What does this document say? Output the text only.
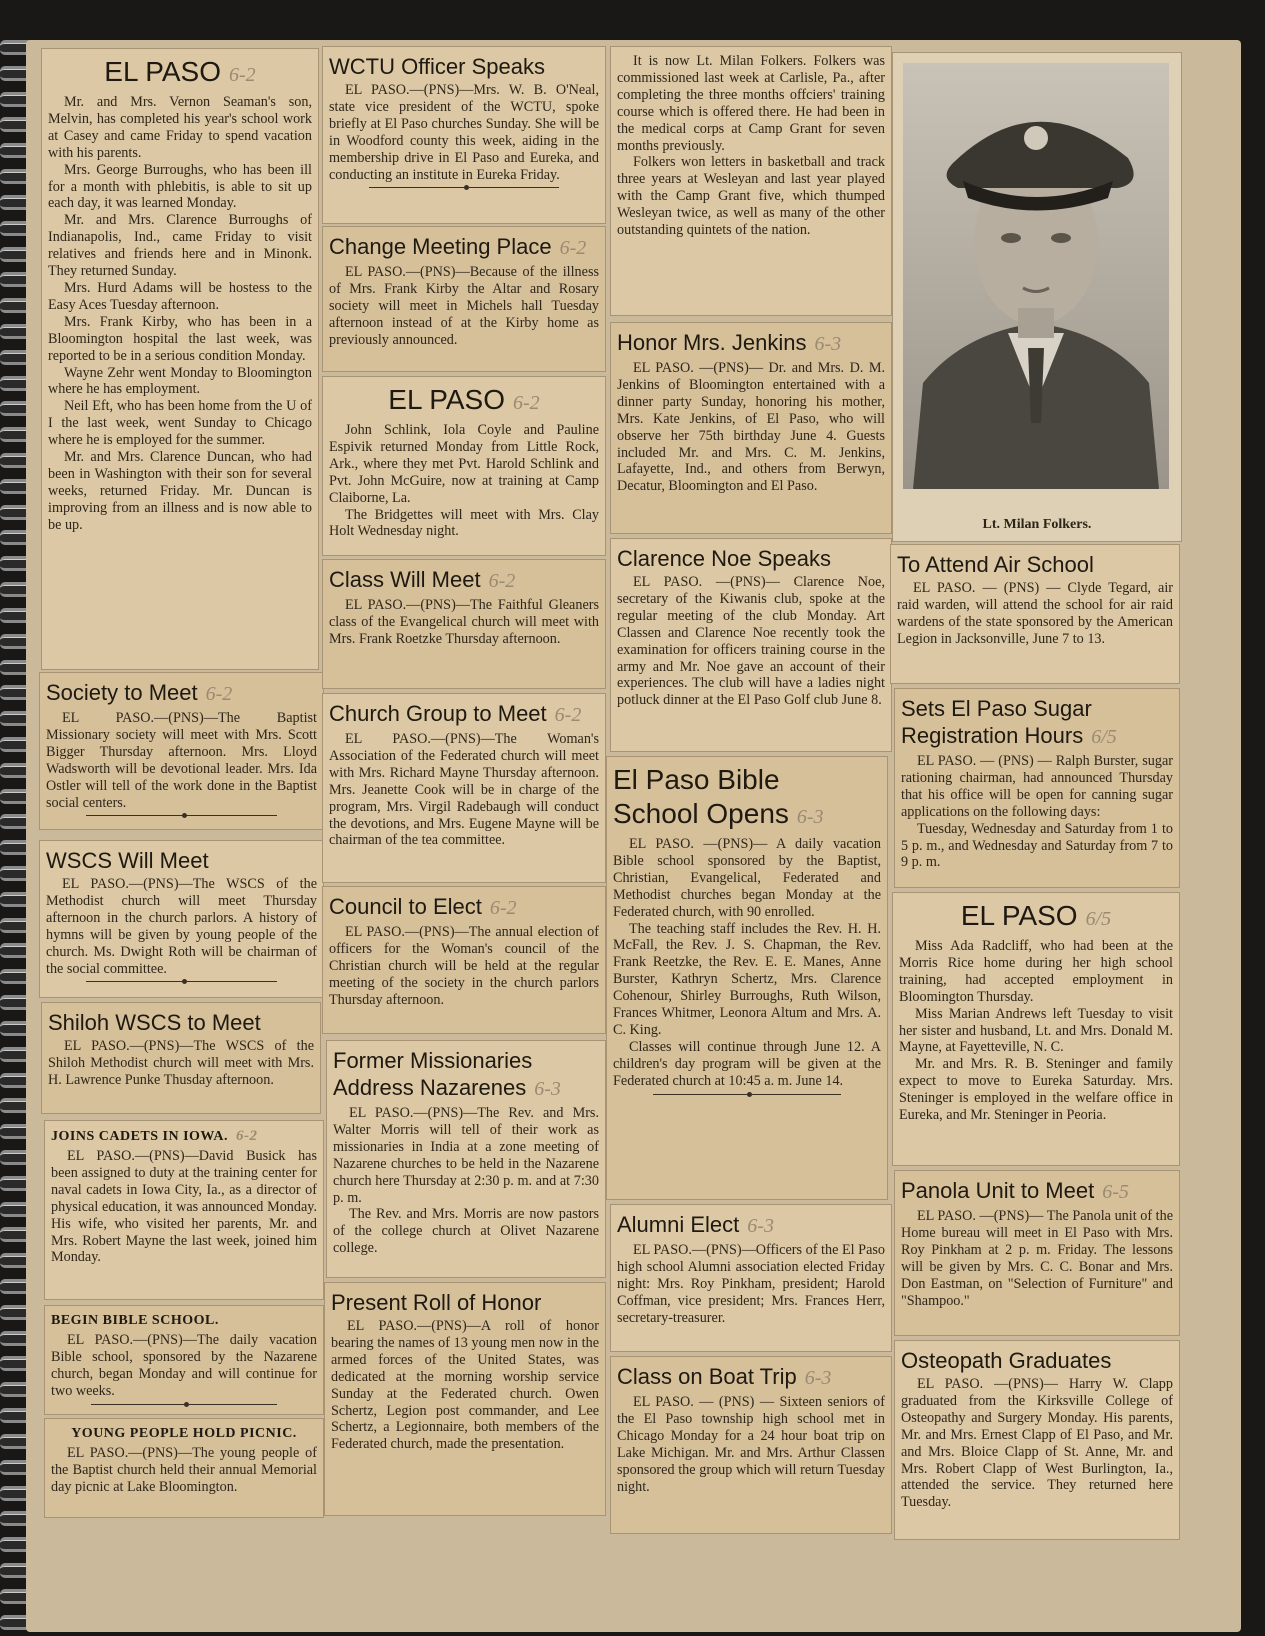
EL PASO 6-2

Mr. and Mrs. Vernon Seaman's son, Melvin, has completed his year's school work at Casey and came Friday to spend vacation with his parents.

Mrs. George Burroughs, who has been ill for a month with phlebitis, is able to sit up each day, it was learned Monday.

Mr. and Mrs. Clarence Burroughs of Indianapolis, Ind., came Friday to visit relatives and friends here and in Minonk. They returned Sunday.

Mrs. Hurd Adams will be hostess to the Easy Aces Tuesday afternoon.

Mrs. Frank Kirby, who has been in a Bloomington hospital the last week, was reported to be in a serious condition Monday.

Wayne Zehr went Monday to Bloomington where he has employment.

Neil Eft, who has been home from the U of I the last week, went Sunday to Chicago where he is employed for the summer.

Mr. and Mrs. Clarence Duncan, who had been in Washington with their son for several weeks, returned Friday. Mr. Duncan is improving from an illness and is now able to be up.

Society to Meet 6-2

EL PASO.—(PNS)—The Baptist Missionary society will meet with Mrs. Scott Bigger Thursday afternoon. Mrs. Lloyd Wadsworth will be devotional leader. Mrs. Ida Ostler will tell of the work done in the Baptist social centers.

WSCS Will Meet

EL PASO.—(PNS)—The WSCS of the Methodist church will meet Thursday afternoon in the church parlors. A history of hymns will be given by young people of the church. Ms. Dwight Roth will be chairman of the social committee.

Shiloh WSCS to Meet

EL PASO.—(PNS)—The WSCS of the Shiloh Methodist church will meet with Mrs. H. Lawrence Punke Thusday afternoon.

JOINS CADETS IN IOWA. 6-2

EL PASO.—(PNS)—David Busick has been assigned to duty at the training center for naval cadets in Iowa City, Ia., as a director of physical education, it was announced Monday. His wife, who visited her parents, Mr. and Mrs. Robert Mayne the last week, joined him Monday.

BEGIN BIBLE SCHOOL.

EL PASO.—(PNS)—The daily vacation Bible school, sponsored by the Nazarene church, began Monday and will continue for two weeks.

YOUNG PEOPLE HOLD PICNIC.

EL PASO.—(PNS)—The young people of the Baptist church held their annual Memorial day picnic at Lake Bloomington.

WCTU Officer Speaks

EL PASO.—(PNS)—Mrs. W. B. O'Neal, state vice president of the WCTU, spoke briefly at El Paso churches Sunday. She will be in Woodford county this week, aiding in the membership drive in El Paso and Eureka, and conducting an institute in Eureka Friday.

Change Meeting Place 6-2

EL PASO.—(PNS)—Because of the illness of Mrs. Frank Kirby the Altar and Rosary society will meet in Michels hall Tuesday afternoon instead of at the Kirby home as previously announced.

EL PASO 6-2

John Schlink, Iola Coyle and Pauline Espivik returned Monday from Little Rock, Ark., where they met Pvt. Harold Schlink and Pvt. John McGuire, now at training at Camp Claiborne, La.

The Bridgettes will meet with Mrs. Clay Holt Wednesday night.

Class Will Meet 6-2

EL PASO.—(PNS)—The Faithful Gleaners class of the Evangelical church will meet with Mrs. Frank Roetzke Thursday afternoon.

Church Group to Meet 6-2

EL PASO.—(PNS)—The Woman's Association of the Federated church will meet with Mrs. Richard Mayne Thursday afternoon. Mrs. Jeanette Cook will be in charge of the program, Mrs. Virgil Radebaugh will conduct the devotions, and Mrs. Eugene Mayne will be chairman of the tea committee.

Council to Elect 6-2

EL PASO.—(PNS)—The annual election of officers for the Woman's council of the Christian church will be held at the regular meeting of the society in the church parlors Thursday afternoon.

Former Missionaries
Address Nazarenes 6-3

EL PASO.—(PNS)—The Rev. and Mrs. Walter Morris will tell of their work as missionaries in India at a zone meeting of Nazarene churches to be held in the Nazarene church here Thursday at 2:30 p. m. and at 7:30 p. m.

The Rev. and Mrs. Morris are now pastors of the college church at Olivet Nazarene college.

Present Roll of Honor

EL PASO.—(PNS)—A roll of honor bearing the names of 13 young men now in the armed forces of the United States, was dedicated at the morning worship service Sunday at the Federated church. Owen Schertz, Legion post commander, and Lee Schertz, a Legionnaire, both members of the Federated church, made the presentation.

It is now Lt. Milan Folkers. Folkers was commissioned last week at Carlisle, Pa., after completing the three months offciers' training course which is offered there. He had been in the medical corps at Camp Grant for seven months previously.

Folkers won letters in basketball and track three years at Wesleyan and last year played with the Camp Grant five, which thumped Wesleyan twice, as well as many of the other outstanding quintets of the nation.

Honor Mrs. Jenkins 6-3

EL PASO. —(PNS)— Dr. and Mrs. D. M. Jenkins of Bloomington entertained with a dinner party Sunday, honoring his mother, Mrs. Kate Jenkins, of El Paso, who will observe her 75th birthday June 4. Guests included Mr. and Mrs. C. M. Jenkins, Lafayette, Ind., and others from Berwyn, Decatur, Bloomington and El Paso.

Clarence Noe Speaks

EL PASO. —(PNS)— Clarence Noe, secretary of the Kiwanis club, spoke at the regular meeting of the club Monday. Art Classen and Clarence Noe recently took the examination for officers training course in the army and Mr. Noe gave an account of their experiences. The club will have a ladies night potluck dinner at the El Paso Golf club June 8.

El Paso Bible
School Opens 6-3

EL PASO. —(PNS)— A daily vacation Bible school sponsored by the Baptist, Christian, Evangelical, Federated and Methodist churches began Monday at the Federated church, with 90 enrolled.

The teaching staff includes the Rev. H. H. McFall, the Rev. J. S. Chapman, the Rev. Frank Reetzke, the Rev. E. E. Manes, Anne Burster, Kathryn Schertz, Mrs. Clarence Cohenour, Shirley Burroughs, Ruth Wilson, Frances Whitmer, Leonora Altum and Mrs. A. C. King.

Classes will continue through June 12. A children's day program will be given at the Federated church at 10:45 a. m. June 14.

Alumni Elect 6-3

EL PASO.—(PNS)—Officers of the El Paso high school Alumni association elected Friday night: Mrs. Roy Pinkham, president; Harold Coffman, vice president; Mrs. Frances Herr, secretary-treasurer.

Class on Boat Trip 6-3

EL PASO. — (PNS) — Sixteen seniors of the El Paso township high school met in Chicago Monday for a 24 hour boat trip on Lake Michigan. Mr. and Mrs. Arthur Classen sponsored the group which will return Tuesday night.

Lt. Milan Folkers.
To Attend Air School

EL PASO. — (PNS) — Clyde Tegard, air raid warden, will attend the school for air raid wardens of the state sponsored by the American Legion in Jacksonville, June 7 to 13.

Sets El Paso Sugar
Registration Hours 6/5

EL PASO. — (PNS) — Ralph Burster, sugar rationing chairman, had announced Thursday that his office will be open for canning sugar applications on the following days:

Tuesday, Wednesday and Saturday from 1 to 5 p. m., and Wednesday and Saturday from 7 to 9 p. m.

EL PASO 6/5

Miss Ada Radcliff, who had been at the Morris Rice home during her high school training, had accepted employment in Bloomington Thursday.

Miss Marian Andrews left Tuesday to visit her sister and husband, Lt. and Mrs. Donald M. Mayne, at Fayetteville, N. C.

Mr. and Mrs. R. B. Steninger and family expect to move to Eureka Saturday. Mrs. Steninger is employed in the welfare office in Eureka, and Mr. Steninger in Peoria.

Panola Unit to Meet 6-5

EL PASO. —(PNS)— The Panola unit of the Home bureau will meet in El Paso with Mrs. Roy Pinkham at 2 p. m. Friday. The lessons will be given by Mrs. C. C. Bonar and Mrs. Don Eastman, on "Selection of Furniture" and "Shampoo."

Osteopath Graduates

EL PASO. —(PNS)— Harry W. Clapp graduated from the Kirksville College of Osteopathy and Surgery Monday. His parents, Mr. and Mrs. Ernest Clapp of El Paso, and Mr. and Mrs. Bloice Clapp of St. Anne, Mr. and Mrs. Robert Clapp of West Burlington, Ia., attended the service. They returned here Tuesday.
